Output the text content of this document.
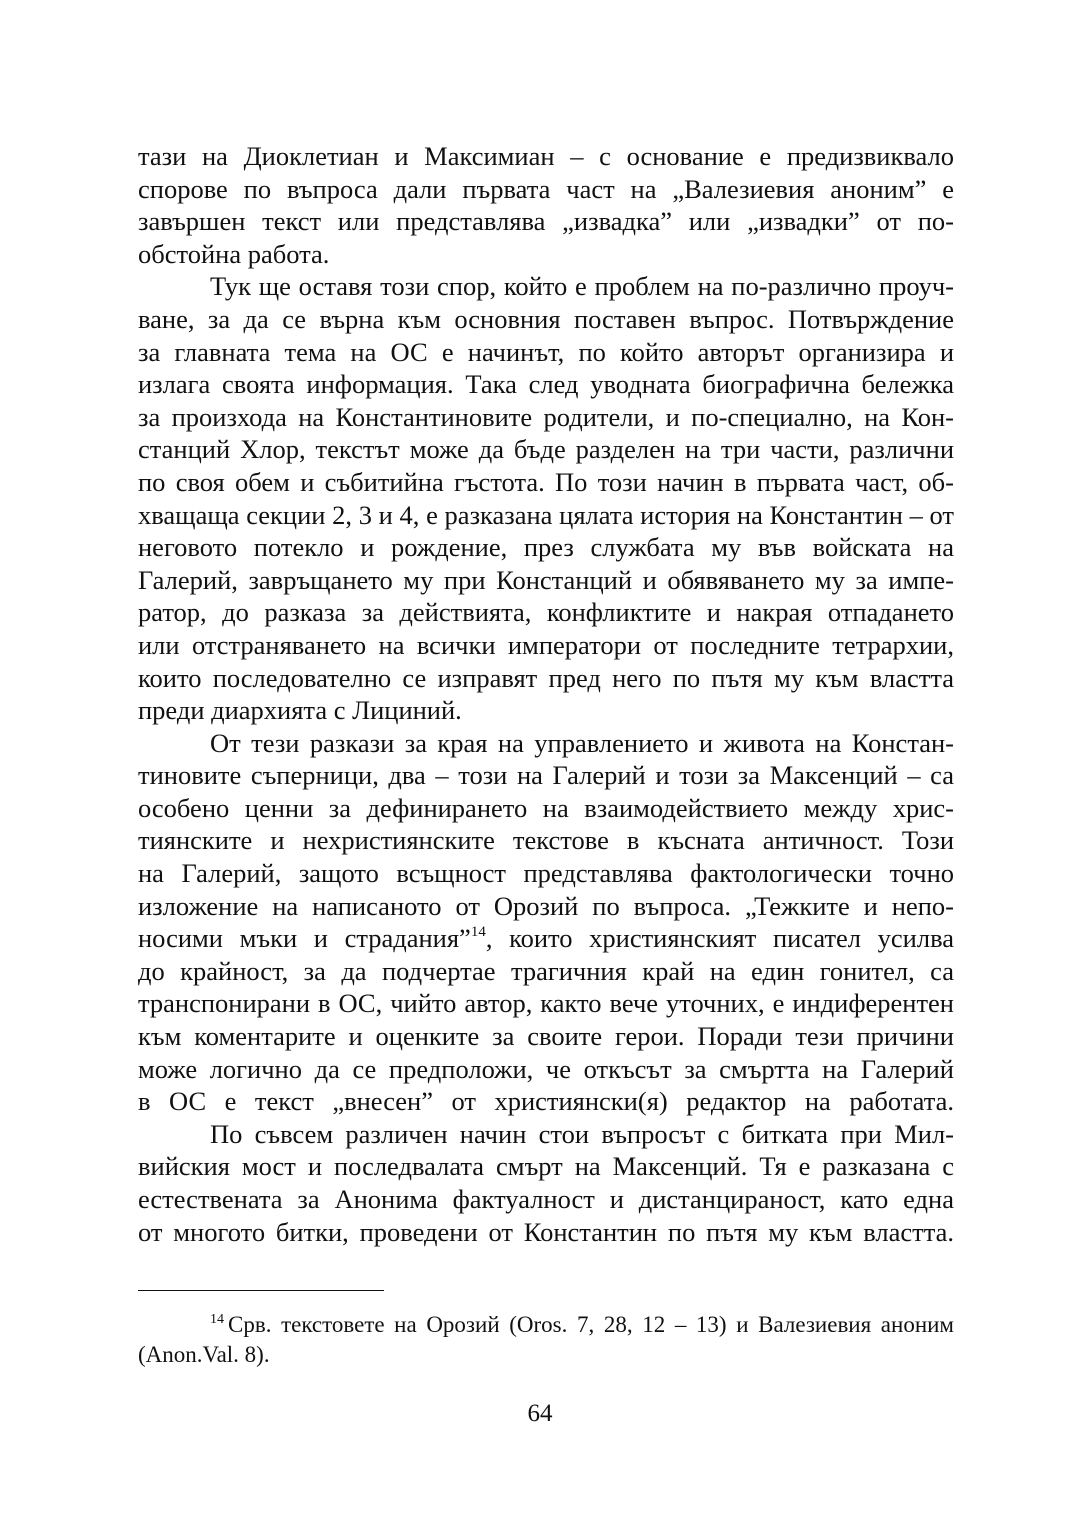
тази на Диоклетиан и Максимиан – с основание е предизвиквало
спорове по въпроса дали първата част на „Валезиевия аноним” е
завършен текст или представлява „извадка” или „извадки” от по-
обстойна работа.
Тук ще оставя този спор, който е проблем на по-различно проуч-
ване, за да се върна към основния поставен въпрос. Потвърждение
за главната тема на ОС е начинът, по който авторът организира и
излага своята информация. Така след уводната биографична бележка
за произхода на Константиновите родители, и по-специално, на Кон-
станций Хлор, текстът може да бъде разделен на три части, различни
по своя обем и събитийна гъстота. По този начин в първата част, об-
хващаща секции 2, 3 и 4, е разказана цялата история на Константин – от
неговото потекло и рождение, през службата му във войската на
Галерий, завръщането му при Констанций и обявяването му за импе-
ратор, до разказа за действията, конфликтите и накрая отпадането
или отстраняването на всички императори от последните тетрархии,
които последователно се изправят пред него по пътя му към властта
преди диархията с Лициний.
От тези разкази за края на управлението и живота на Констан-
тиновите съперници, два – този на Галерий и този за Максенций – са
особено ценни за дефинирането на взаимодействието между хрис-
тиянските и нехристиянските текстове в късната античност. Този
на Галерий, защото всъщност представлява фактологически точно
изложение на написаното от Орозий по въпроса. „Тежките и непо-
носими мъки и страдания”$^{14}$, които християнският писател усилва
до крайност, за да подчертае трагичния край на един гонител, са
транспонирани в ОС, чийто автор, както вече уточних, е индиферентен
към коментарите и оценките за своите герои. Поради тези причини
може логично да се предположи, че откъсът за смъртта на Галерий
в ОС е текст „внесен” от християнски(я) редактор на работата.
По съвсем различен начин стои въпросът с битката при Мил-
вийския мост и последвалата смърт на Максенций. Тя е разказана с
естествената за Анонима фактуалност и дистанцираност, като една
от многото битки, проведени от Константин по пътя му към властта.
$^{14}$ Срв. текстовете на Орозий (Oros. 7, 28, 12 – 13) и Валезиевия аноним
(Anon.Val. 8).
64
